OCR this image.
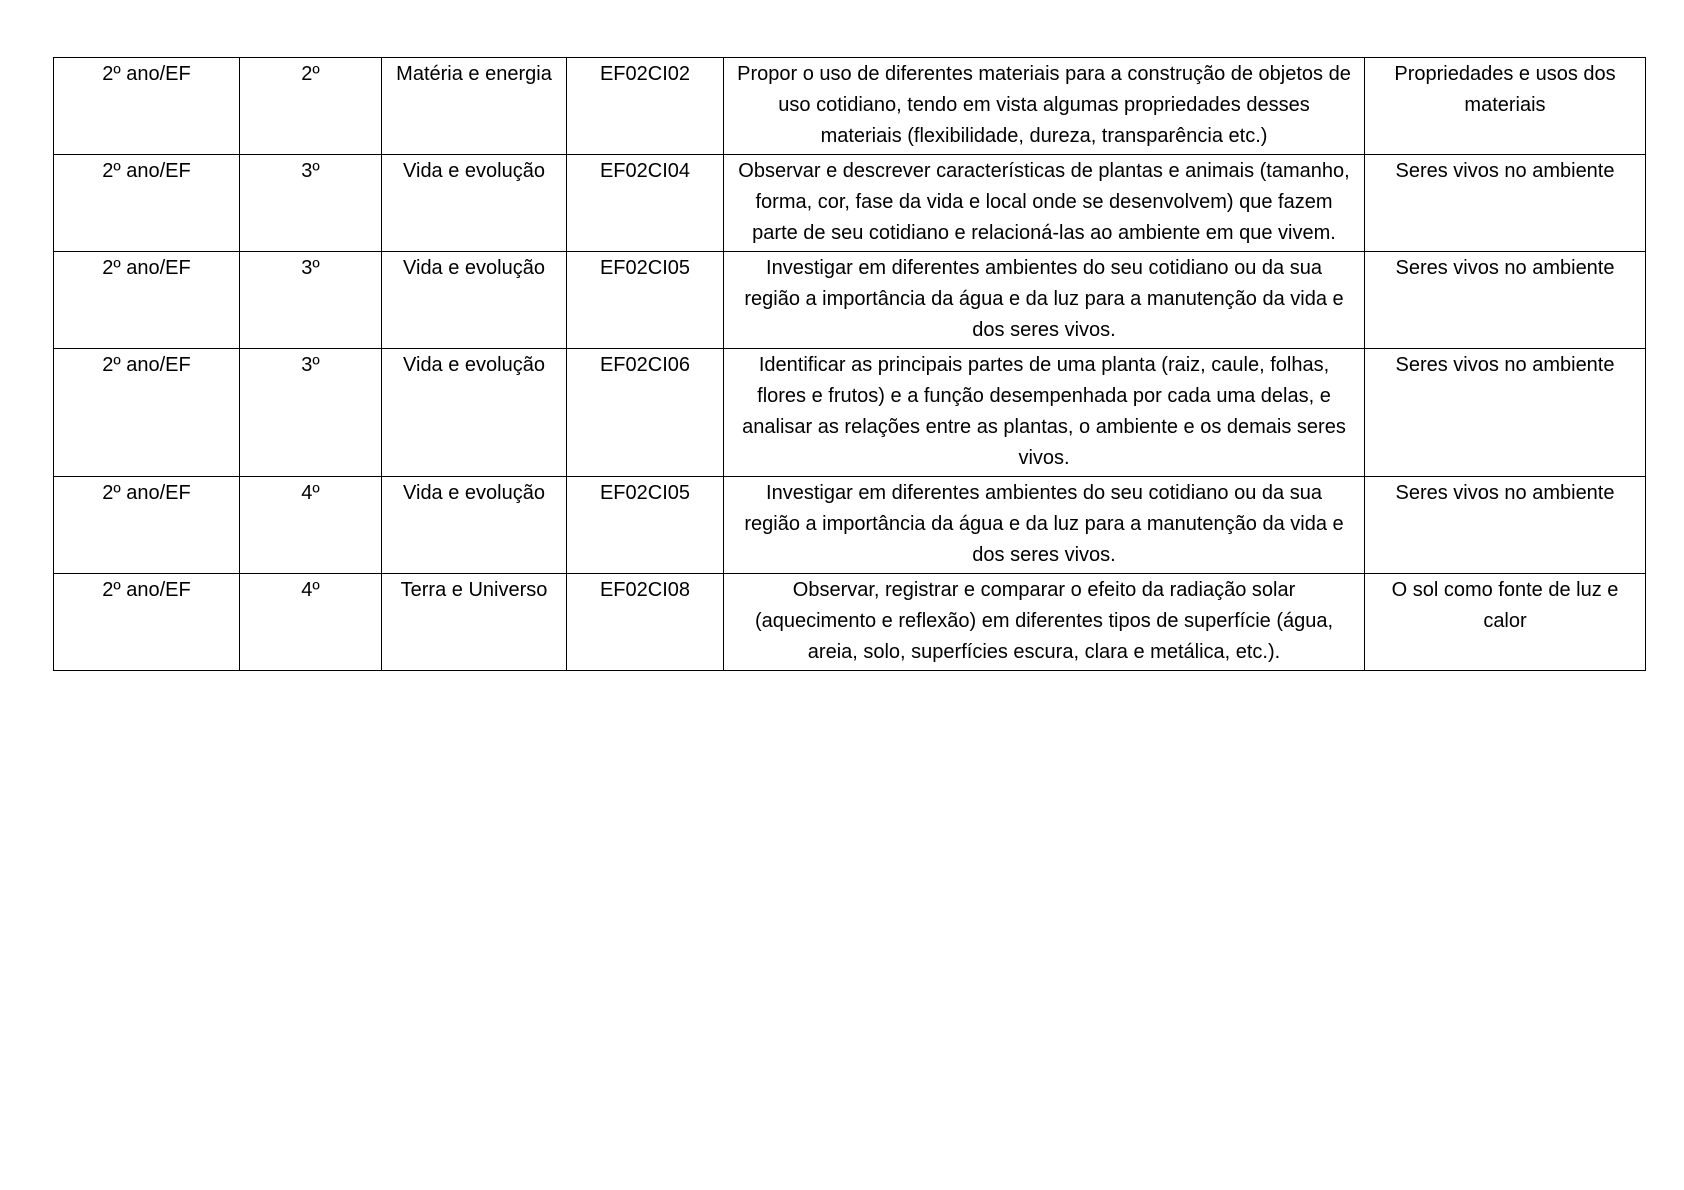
2º ano/EF	2º	Matéria e energia	EF02CI02	Propor o uso de diferentes materiais para a construção de objetos de uso cotidiano, tendo em vista algumas propriedades desses materiais (flexibilidade, dureza, transparência etc.)	Propriedades e usos dos materiais
2º ano/EF	3º	Vida e evolução	EF02CI04	Observar e descrever características de plantas e animais (tamanho, forma, cor, fase da vida e local onde se desenvolvem) que fazem parte de seu cotidiano e relacioná-las ao ambiente em que vivem.	Seres vivos no ambiente
2º ano/EF	3º	Vida e evolução	EF02CI05	Investigar em diferentes ambientes do seu cotidiano ou da sua região a importância da água e da luz para a manutenção da vida e dos seres vivos.	Seres vivos no ambiente
2º ano/EF	3º	Vida e evolução	EF02CI06	Identificar as principais partes de uma planta (raiz, caule, folhas, flores e frutos) e a função desempenhada por cada uma delas, e analisar as relações entre as plantas, o ambiente e os demais seres vivos.	Seres vivos no ambiente
2º ano/EF	4º	Vida e evolução	EF02CI05	Investigar em diferentes ambientes do seu cotidiano ou da sua região a importância da água e da luz para a manutenção da vida e dos seres vivos.	Seres vivos no ambiente
2º ano/EF	4º	Terra e Universo	EF02CI08	Observar, registrar e comparar o efeito da radiação solar (aquecimento e reflexão) em diferentes tipos de superfície (água, areia, solo, superfícies escura, clara e metálica, etc.).	O sol como fonte de luz e calor
